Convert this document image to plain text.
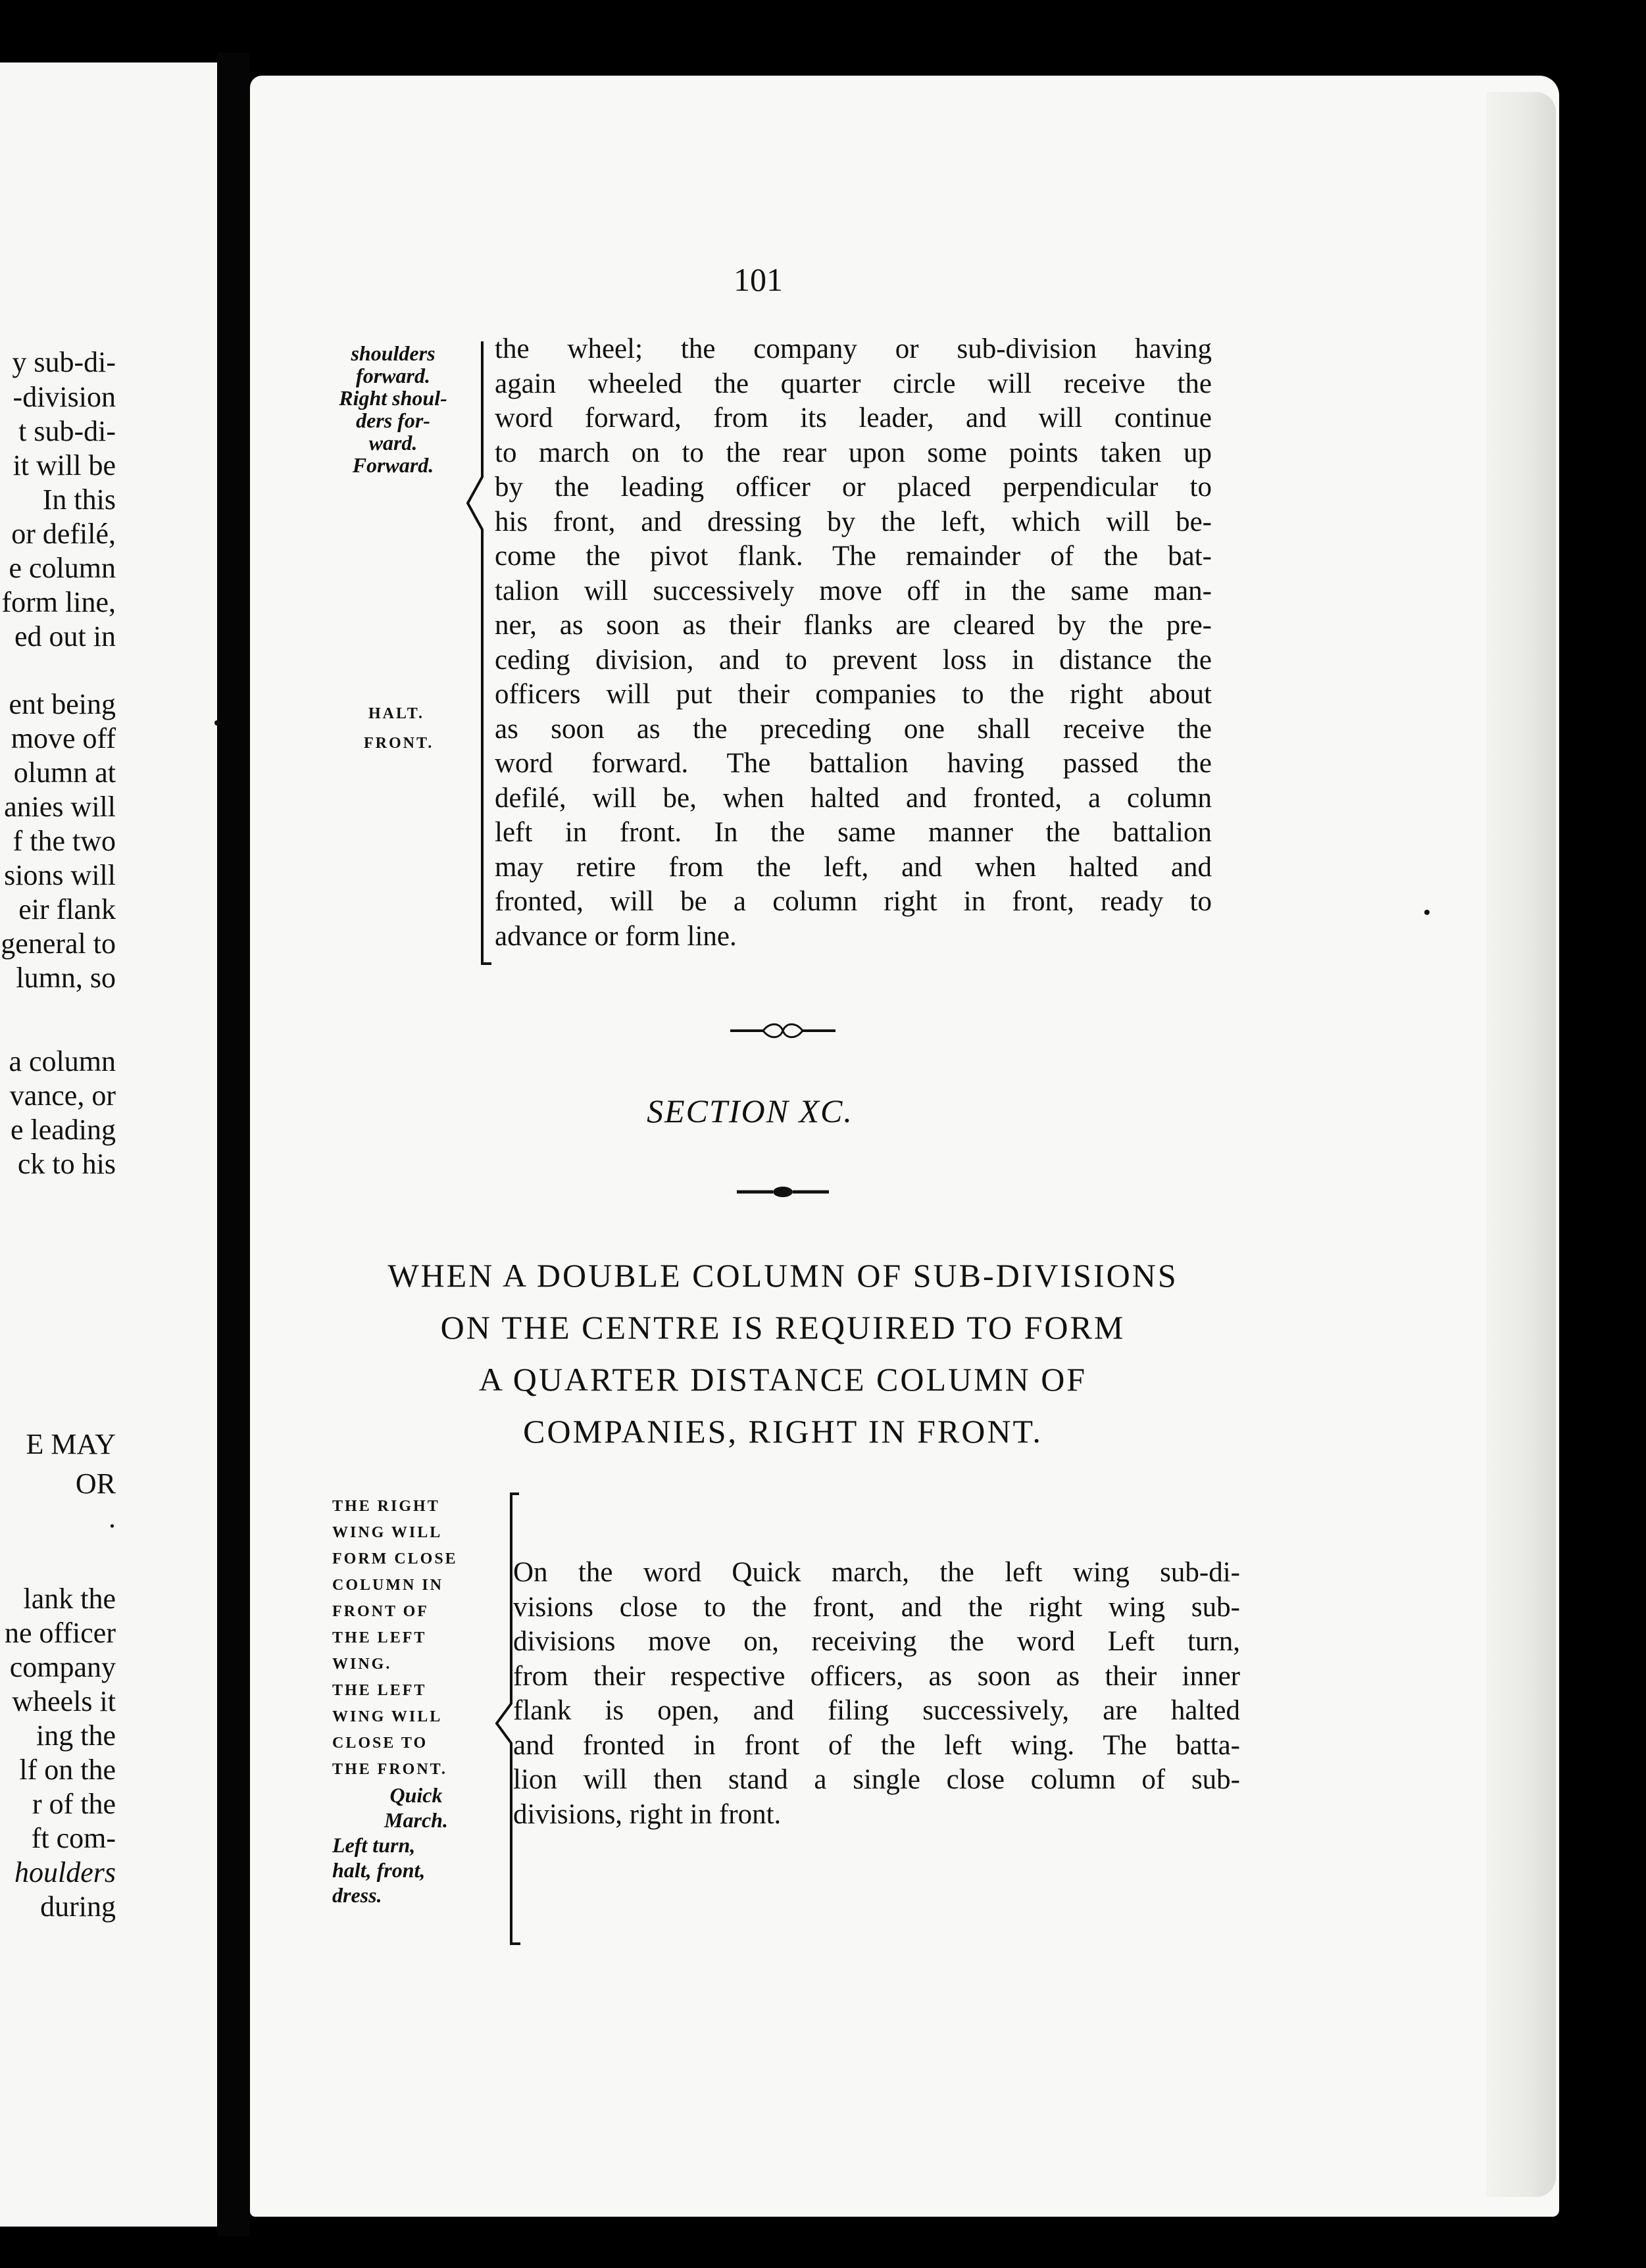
y sub-di-
-division
t sub-di-
it will be
In this
or defilé,
e column
form line,
ed out in
ent being
move off
olumn at
anies will
f the two
sions will
eir flank
general to
lumn, so
a column
vance, or
e leading
ck to his
E MAY
OR
.
lank the
ne officer
company
wheels it
ing the
lf on the
r of the
ft com-
houlders
during
101
shoulders
forward.
Right shoul-
ders for-
ward.
Forward.
HALT.
FRONT.
the wheel; the company or sub-division having
again wheeled the quarter circle will receive the
word forward, from its leader, and will continue
to march on to the rear upon some points taken up
by the leading officer or placed perpendicular to
his front, and dressing by the left, which will be-
come the pivot flank. The remainder of the bat-
talion will successively move off in the same man-
ner, as soon as their flanks are cleared by the pre-
ceding division, and to prevent loss in distance the
officers will put their companies to the right about
as soon as the preceding one shall receive the
word forward. The battalion having passed the
defilé, will be, when halted and fronted, a column
left in front. In the same manner the battalion
may retire from the left, and when halted and
fronted, will be a column right in front, ready to
advance or form line.
SECTION XC.
WHEN A DOUBLE COLUMN OF SUB-DIVISIONS
ON THE CENTRE IS REQUIRED TO FORM
A QUARTER DISTANCE COLUMN OF
COMPANIES, RIGHT IN FRONT.
THE RIGHT
WING WILL
FORM CLOSE
COLUMN IN
FRONT OF
THE LEFT
WING.
THE LEFT
WING WILL
CLOSE TO
THE FRONT.
Quick
March.
Left turn,
halt, front,
dress.
On the word Quick march, the left wing sub-di-
visions close to the front, and the right wing sub-
divisions move on, receiving the word Left turn,
from their respective officers, as soon as their inner
flank is open, and filing successively, are halted
and fronted in front of the left wing. The batta-
lion will then stand a single close column of sub-
divisions, right in front.
